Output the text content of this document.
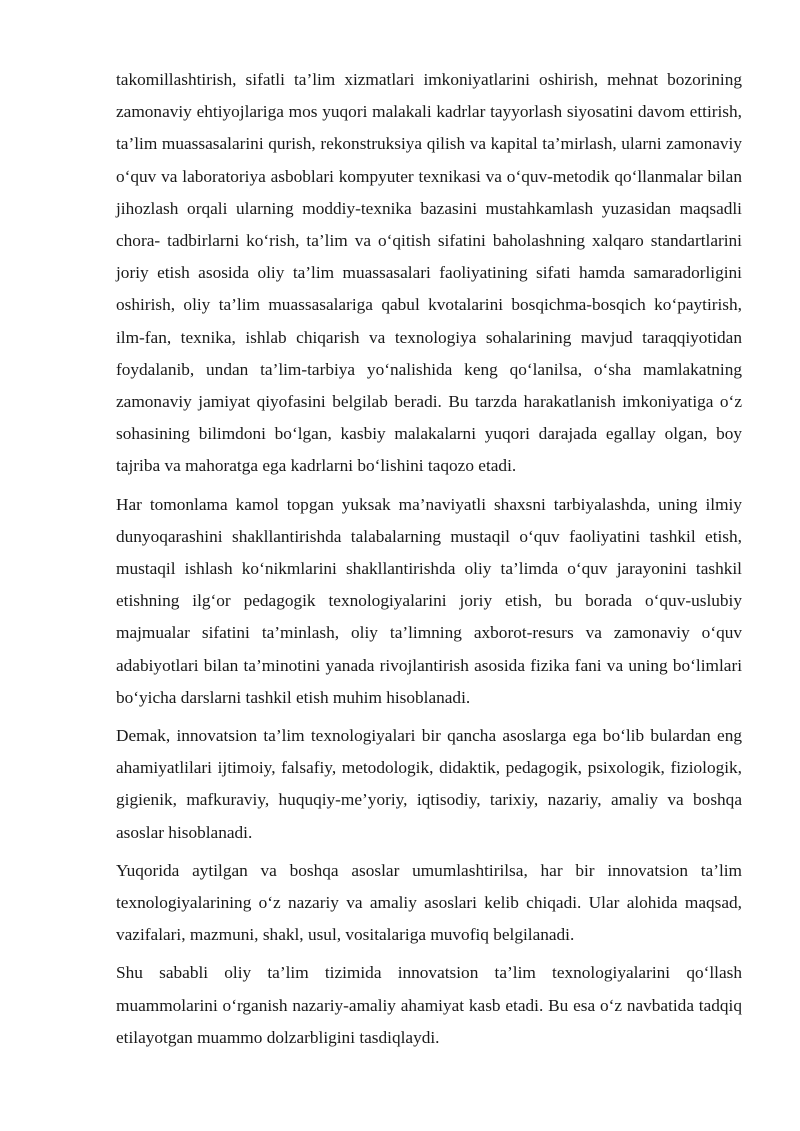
takomillashtirish, sifatli ta’lim xizmatlari imkoniyatlarini oshirish, mehnat bozorining zamonaviy ehtiyojlariga mos yuqori malakali kadrlar tayyorlash siyosatini davom ettirish, ta’lim muassasalarini qurish, rekonstruksiya qilish va kapital ta’mirlash, ularni zamonaviy o‘quv va laboratoriya asboblari kompyuter texnikasi va o‘quv-metodik qo‘llanmalar bilan jihozlash orqali ularning moddiy-texnika bazasini mustahkamlash yuzasidan maqsadli chora- tadbirlarni ko‘rish, ta’lim va o‘qitish sifatini baholashning xalqaro standartlarini joriy etish asosida oliy ta’lim muassasalari faoliyatining sifati hamda samaradorligini oshirish, oliy ta’lim muassasalariga qabul kvotalarini bosqichma-bosqich ko‘paytirish, ilm-fan, texnika, ishlab chiqarish va texnologiya sohalarining mavjud taraqqiyotidan foydalanib, undan ta’lim-tarbiya yo‘nalishida keng qo‘lanilsa, o‘sha mamlakatning zamonaviy jamiyat qiyofasini belgilab beradi. Bu tarzda harakatlanish imkoniyatiga o‘z sohasining bilimdoni bo‘lgan, kasbiy malakalarni yuqori darajada egallay olgan, boy tajriba va mahoratga ega kadrlarni bo‘lishini taqozo etadi.

Har tomonlama kamol topgan yuksak ma’naviyatli shaxsni tarbiyalashda, uning ilmiy dunyoqarashini shakllantirishda talabalarning mustaqil o‘quv faoliyatini tashkil etish, mustaqil ishlash ko‘nikmlarini shakllantirishda oliy ta’limda o‘quv jarayonini tashkil etishning ilg‘or pedagogik texnologiyalarini joriy etish, bu borada o‘quv-uslubiy majmualar sifatini ta’minlash, oliy ta’limning axborot-resurs va zamonaviy o‘quv adabiyotlari bilan ta’minotini yanada rivojlantirish asosida fizika fani va uning bo‘limlari bo‘yicha darslarni tashkil etish muhim hisoblanadi.

Demak, innovatsion ta’lim texnologiyalari bir qancha asoslarga ega bo‘lib bulardan eng ahamiyatlilari ijtimoiy, falsafiy, metodologik, didaktik, pedagogik, psixologik, fiziologik, gigienik, mafkuraviy, huquqiy-me’yoriy, iqtisodiy, tarixiy, nazariy, amaliy va boshqa asoslar hisoblanadi.

Yuqorida aytilgan va boshqa asoslar umumlashtirilsa, har bir innovatsion ta’lim texnologiyalarining o‘z nazariy va amaliy asoslari kelib chiqadi. Ular alohida maqsad, vazifalari, mazmuni, shakl, usul, vositalariga muvofiq belgilanadi.

Shu sababli oliy ta’lim tizimida innovatsion ta’lim texnologiyalarini qo‘llash muammolarini o‘rganish nazariy-amaliy ahamiyat kasb etadi. Bu esa o‘z navbatida tadqiq etilayotgan muammo dolzarbligini tasdiqlaydi.
